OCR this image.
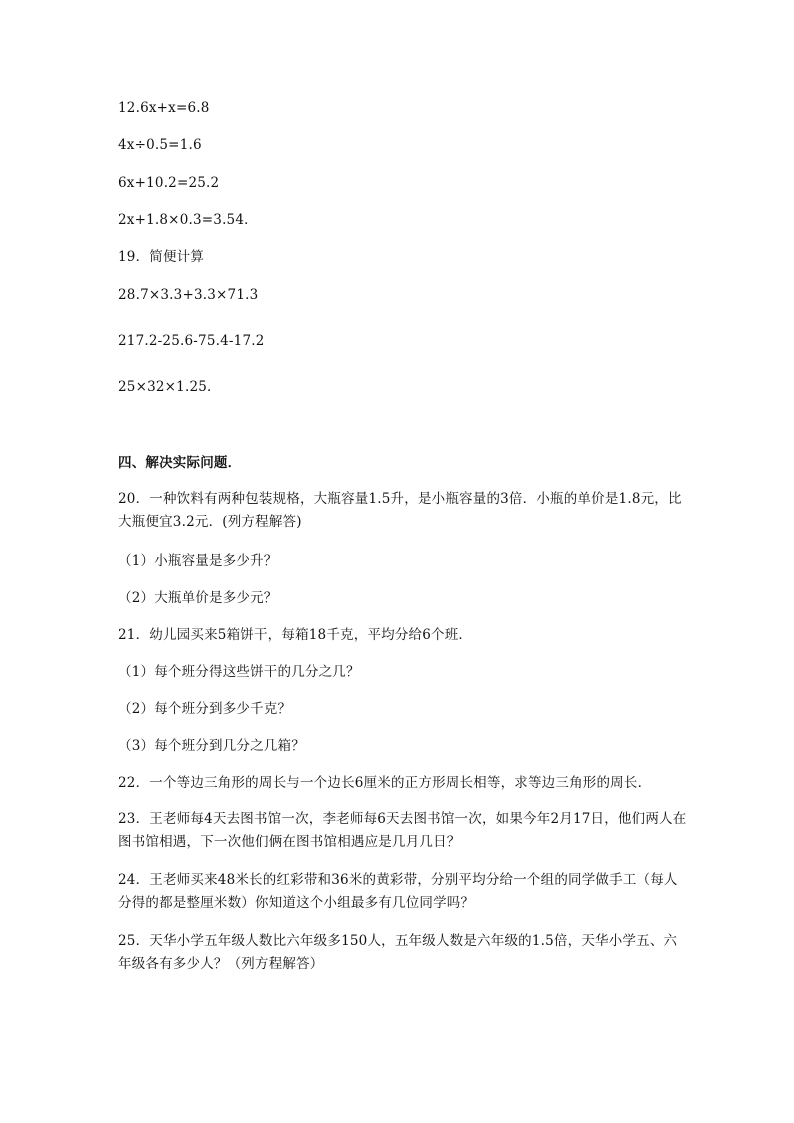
12.6x+x=6.8
4x÷0.5=1.6
6x+10.2=25.2
2x+1.8×0.3=3.54．
19．简便计算
28.7×3.3+3.3×71.3
217.2-25.6-75.4-17.2
25×32×1.25．
四、解决实际问题．
20．一种饮料有两种包装规格，大瓶容量1.5升，是小瓶容量的3倍．小瓶的单价是1.8元，比大瓶便宜3.2元．(列方程解答)
（1）小瓶容量是多少升？
（2）大瓶单价是多少元？
21．幼儿园买来5箱饼干，每箱18千克，平均分给6个班．
（1）每个班分得这些饼干的几分之几？
（2）每个班分到多少千克？
（3）每个班分到几分之几箱？
22．一个等边三角形的周长与一个边长6厘米的正方形周长相等，求等边三角形的周长．
23．王老师每4天去图书馆一次，李老师每6天去图书馆一次，如果今年2月17日，他们两人在图书馆相遇，下一次他们俩在图书馆相遇应是几月几日？
24．王老师买来48米长的红彩带和36米的黄彩带，分别平均分给一个组的同学做手工（每人分得的都是整厘米数）你知道这个小组最多有几位同学吗？
25．天华小学五年级人数比六年级多150人，五年级人数是六年级的1.5倍，天华小学五、六年级各有多少人？（列方程解答）
